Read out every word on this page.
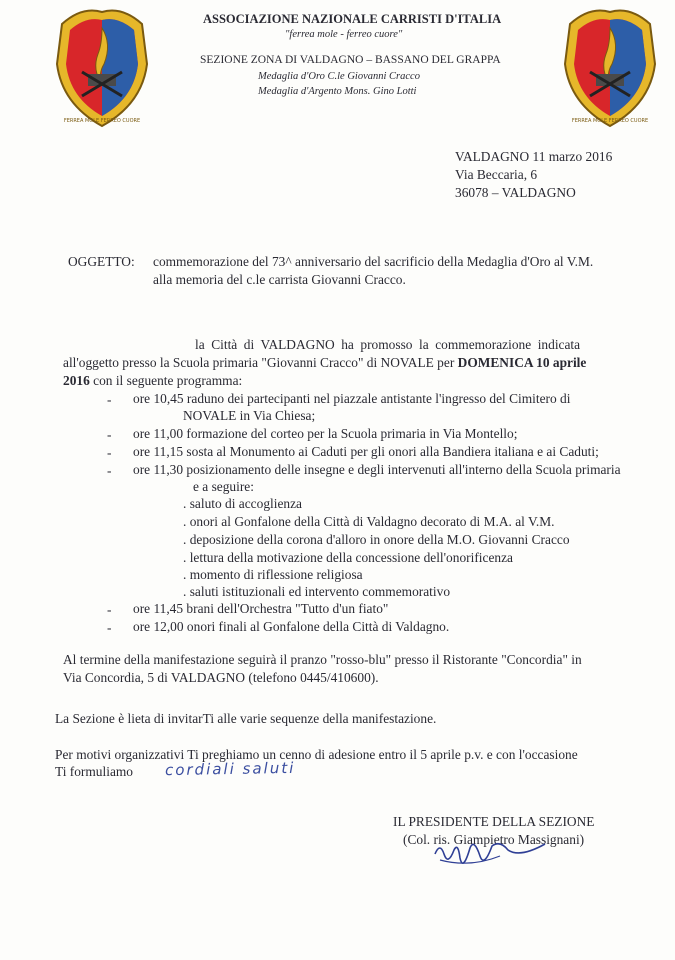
FERREA MOLE FERREO CUORE	FERREA MOLE FERREO CUORE
ASSOCIAZIONE NAZIONALE CARRISTI D'ITALIA
"ferrea mole - ferreo cuore"
SEZIONE ZONA DI VALDAGNO – BASSANO DEL GRAPPA
Medaglia d'Oro C.le Giovanni Cracco
Medaglia d'Argento Mons. Gino Lotti
VALDAGNO 11 marzo 2016
Via Beccaria, 6
36078 – VALDAGNO
OGGETTO: commemorazione del 73^ anniversario del sacrificio della Medaglia d'Oro al V.M.
alla memoria del c.le carrista Giovanni Cracco.
la Città di VALDAGNO ha promosso la commemorazione indicata
all'oggetto presso la Scuola primaria "Giovanni Cracco" di NOVALE per DOMENICA 10 aprile
2016 con il seguente programma:
- ore 10,45 raduno dei partecipanti nel piazzale antistante l'ingresso del Cimitero di
NOVALE in Via Chiesa;
- ore 11,00 formazione del corteo per la Scuola primaria in Via Montello;
- ore 11,15 sosta al Monumento ai Caduti per gli onori alla Bandiera italiana e ai Caduti;
- ore 11,30 posizionamento delle insegne e degli intervenuti all'interno della Scuola primaria
e a seguire:
. saluto di accoglienza
. onori al Gonfalone della Città di Valdagno decorato di M.A. al V.M.
. deposizione della corona d'alloro in onore della M.O. Giovanni Cracco
. lettura della motivazione della concessione dell'onorificenza
. momento di riflessione religiosa
. saluti istituzionali ed intervento commemorativo
- ore 11,45 brani dell'Orchestra "Tutto d'un fiato"
- ore 12,00 onori finali al Gonfalone della Città di Valdagno.
Al termine della manifestazione seguirà il pranzo "rosso-blu" presso il Ristorante "Concordia" in
Via Concordia, 5 di VALDAGNO (telefono 0445/410600).
La Sezione è lieta di invitarTi alle varie sequenze della manifestazione.
Per motivi organizzativi Ti preghiamo un cenno di adesione entro il 5 aprile p.v. e con l'occasione
Ti formuliamo cordiali saluti
IL PRESIDENTE DELLA SEZIONE
(Col. ris. Giampietro Massignani)
